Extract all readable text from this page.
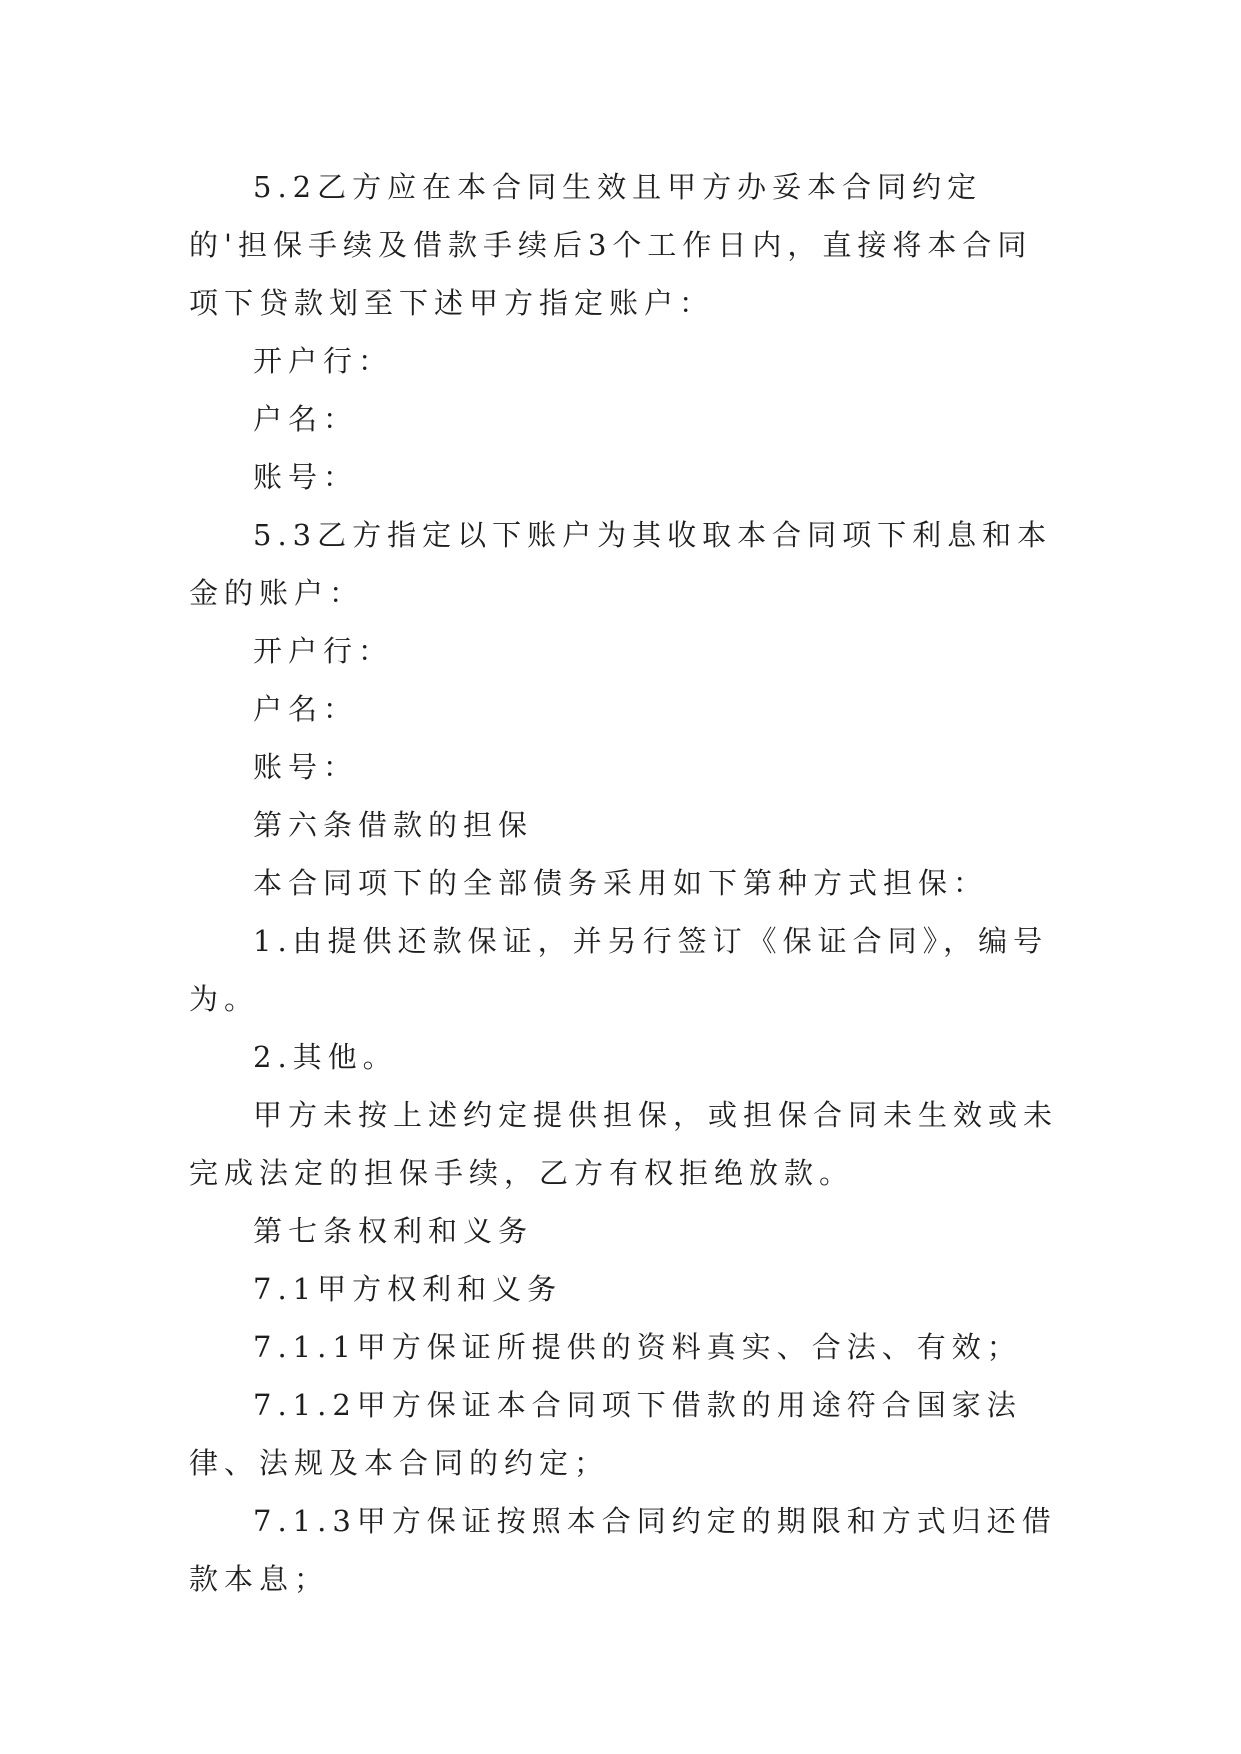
5.2乙方应在本合同生效且甲方办妥本合同约定的'担保手续及借款手续后3个工作日内，直接将本合同项下贷款划至下述甲方指定账户：

开户行：

户名：

账号：

5.3乙方指定以下账户为其收取本合同项下利息和本金的账户：

开户行：

户名：

账号：

第六条借款的担保

本合同项下的全部债务采用如下第种方式担保：

1.由提供还款保证，并另行签订《保证合同》，编号为。

2.其他。

甲方未按上述约定提供担保，或担保合同未生效或未完成法定的担保手续，乙方有权拒绝放款。

第七条权利和义务

7.1甲方权利和义务

7.1.1甲方保证所提供的资料真实、合法、有效；

7.1.2甲方保证本合同项下借款的用途符合国家法律、法规及本合同的约定；

7.1.3甲方保证按照本合同约定的期限和方式归还借款本息；
